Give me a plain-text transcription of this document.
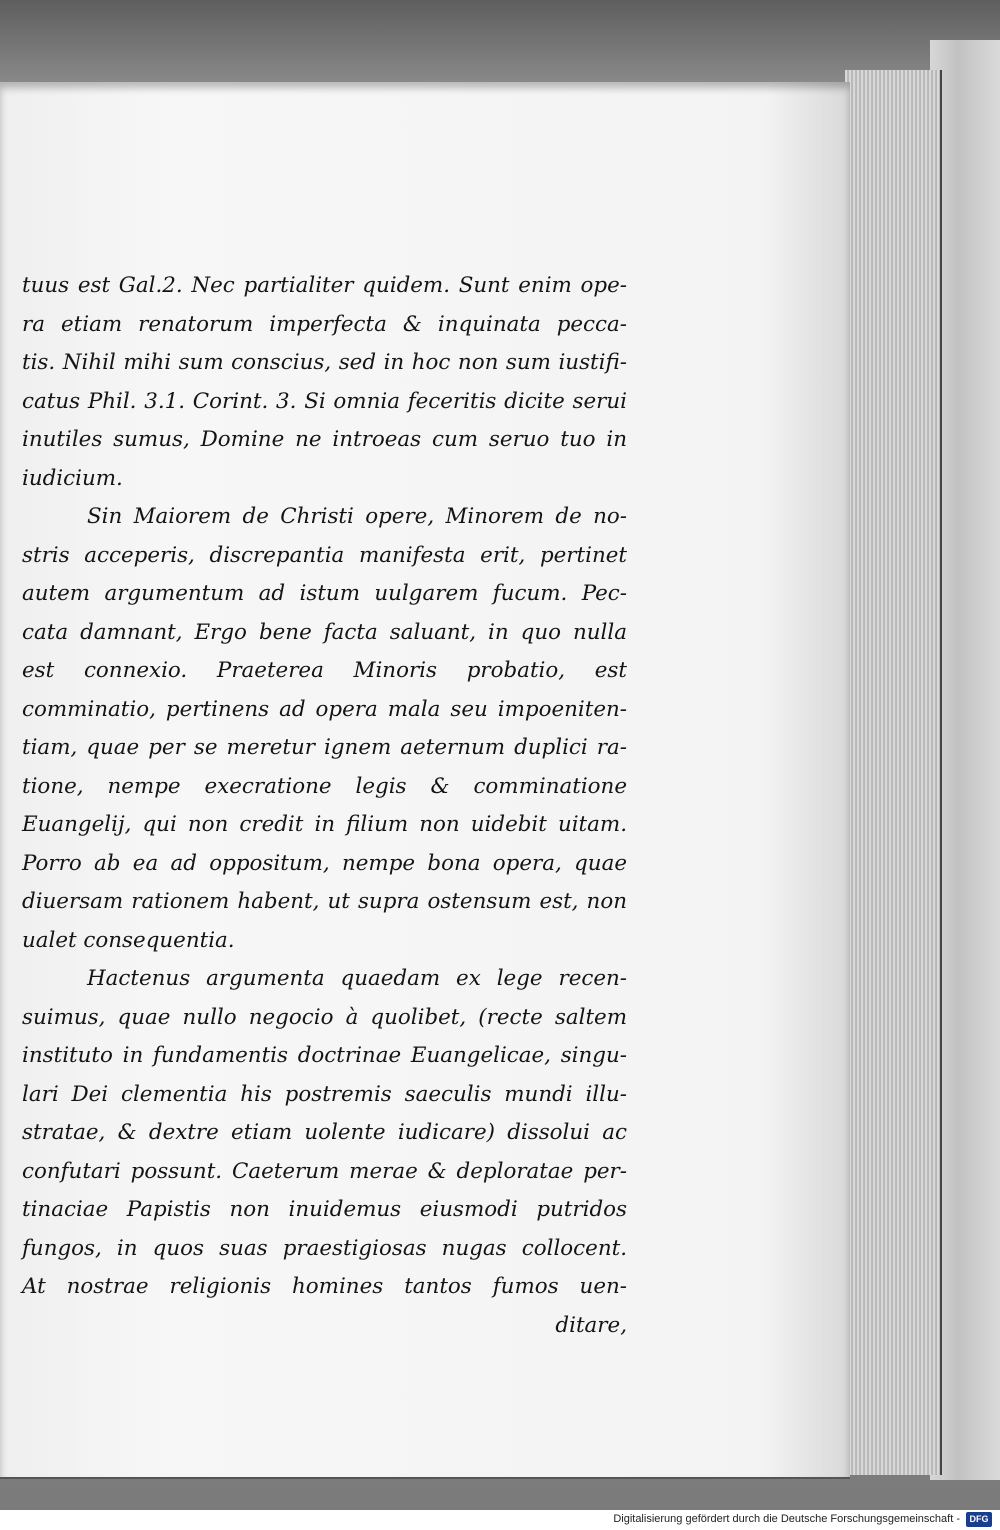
tuus est Gal.2. Nec partialiter quidem. Sunt enim ope-
ra etiam renatorum imperfecta & inquinata pecca-
tis. Nihil mihi sum conscius, sed in hoc non sum iustifi-
catus Phil. 3.1. Corint. 3. Si omnia feceritis dicite serui
inutiles sumus, Domine ne introeas cum seruo tuo in
iudicium.
Sin Maiorem de Christi opere, Minorem de no-
stris acceperis, discrepantia manifesta erit, pertinet
autem argumentum ad istum uulgarem fucum. Pec-
cata damnant, Ergo bene facta saluant, in quo nulla
est connexio. Praeterea Minoris probatio, est
comminatio, pertinens ad opera mala seu impoeniten-
tiam, quae per se meretur ignem aeternum duplici ra-
tione, nempe execratione legis & comminatione
Euangelij, qui non credit in filium non uidebit uitam.
Porro ab ea ad oppositum, nempe bona opera, quae
diuersam rationem habent, ut supra ostensum est, non
ualet consequentia.
Hactenus argumenta quaedam ex lege recen-
suimus, quae nullo negocio à quolibet, (recte saltem
instituto in fundamentis doctrinae Euangelicae, singu-
lari Dei clementia his postremis saeculis mundi illu-
stratae, & dextre etiam uolente iudicare) dissolui ac
confutari possunt. Caeterum merae & deploratae per-
tinaciae Papistis non inuidemus eiusmodi putridos
fungos, in quos suas praestigiosas nugas collocent.
At nostrae religionis homines tantos fumos uen-
ditare,
Digitalisierung gefördert durch die Deutsche Forschungsgemeinschaft -	DFG
